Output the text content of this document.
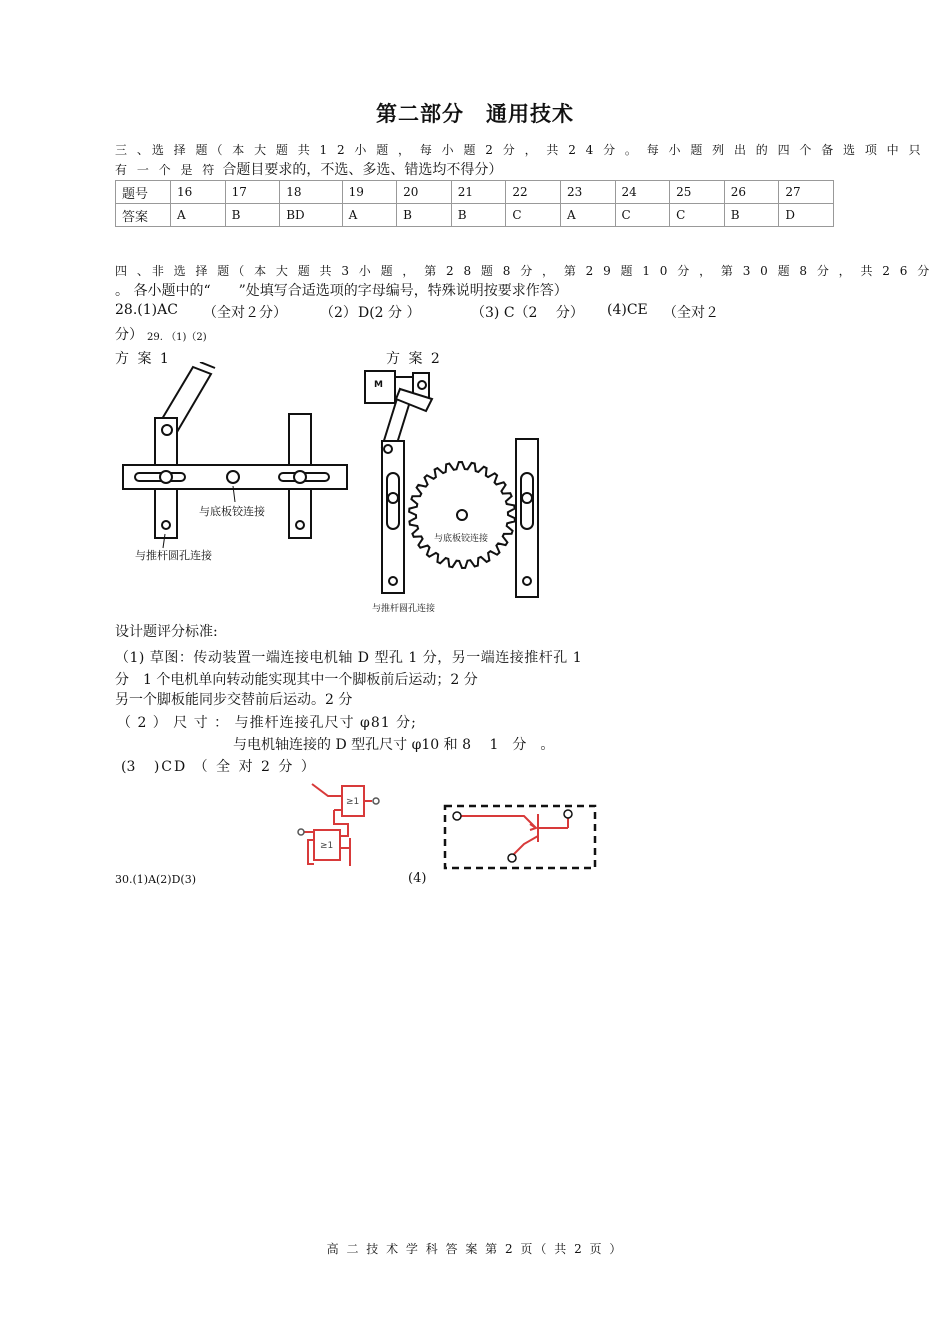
第二部分　通用技术
三 、选 择 题（ 本 大 题 共 1 2 小 题 ， 每 小 题 2 分 ， 共 2 4 分 。 每 小 题 列 出 的 四 个 备 选 项 中 只
有 一 个 是 符 合题目要求的，不选、多选、错选均不得分）
题号	16	17	18	19	20	21	22	23	24	25	26	27
答案	A	B	BD	A	B	B	C	A	C	C	B	D
四 、非 选 择 题（ 本 大 题 共 3 小 题 ， 第 2 8 题 8 分 ， 第 2 9 题 1 0 分 ， 第 3 0 题 8 分 ， 共 2 6 分
。 各小题中的“　　”处填写合适选项的字母编号，特殊说明按要求作答）
28.(1)AC （全对２分） （2） D(2 分 ）	（3) C（2　 分） (4)CE （全对２
分） 29. （1)（2)
方 案 1	方 案 2
与底板铰连接
与推杆圆孔连接
M
与底板铰连接
与推杆圆孔连接
设计题评分标准:
（1) 草图：传动装置一端连接电机轴 D 型孔 1 分，另一端连接推杆孔 1
分　1 个电机单向转动能实现其中一个脚板前后运动；2 分
另一个脚板能同步交替前后运动。2 分
（ 2 ） 尺 寸 ： 与推杆连接孔尺寸 φ81 分;
与电机轴连接的 D 型孔尺寸 φ10 和 8　 1　分　。
(3 )CD （ 全 对 2 分 ）
≥1
≥1
30.(1)A(2)D(3)	(4)
高 二 技 术 学 科 答 案 第 2 页（ 共 2 页 ）
